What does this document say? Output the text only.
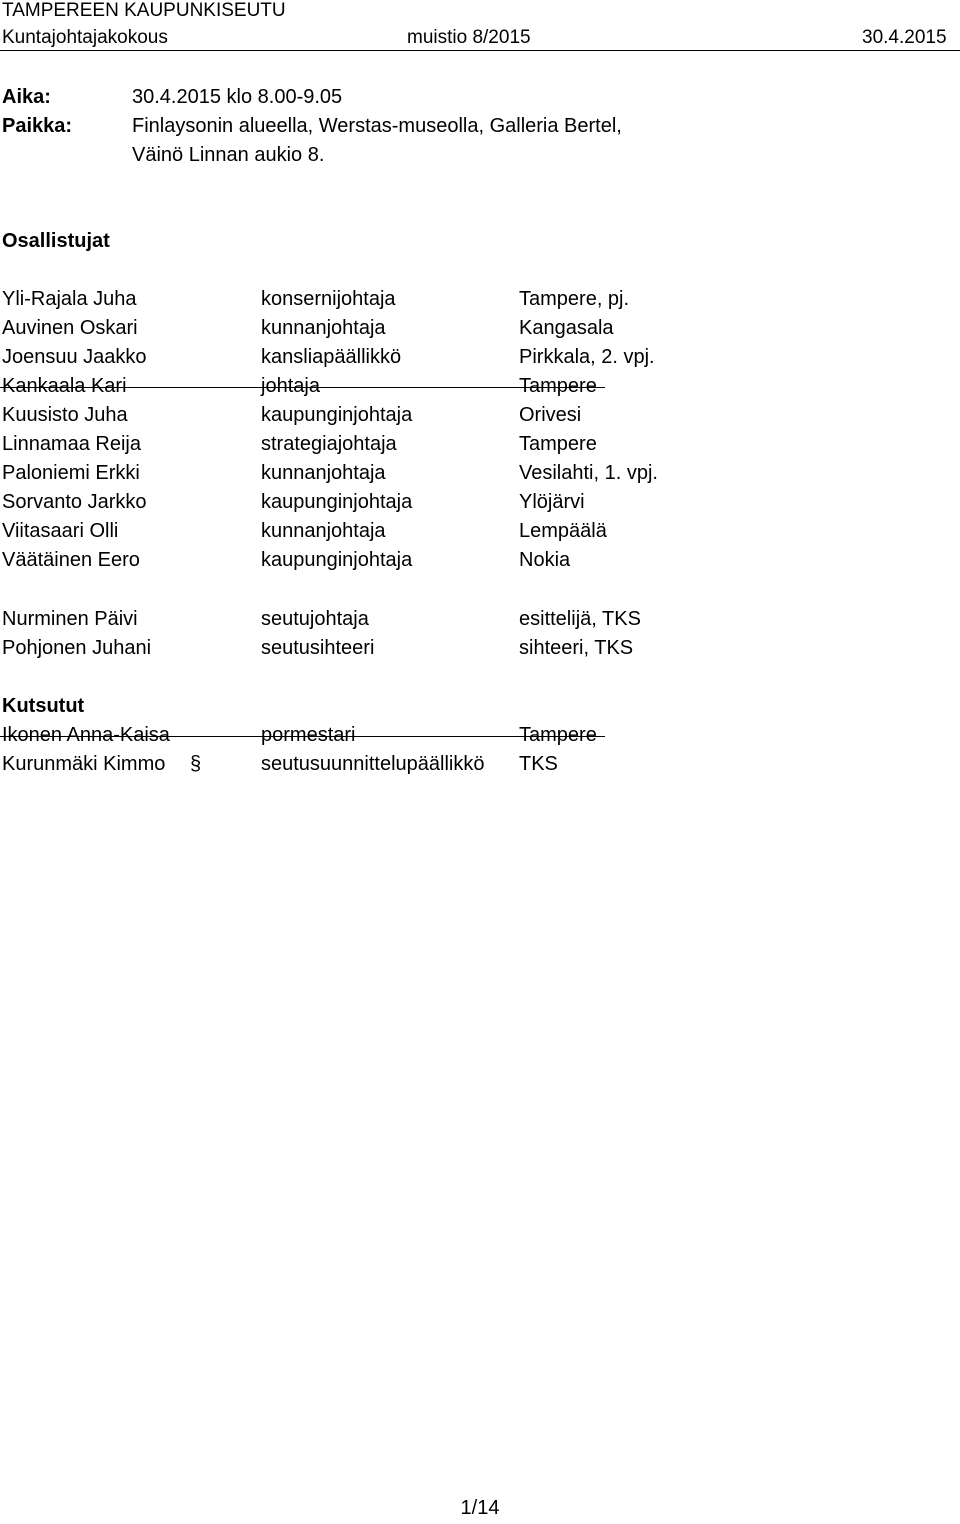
TAMPEREEN KAUPUNKISEUTU
Kuntajohtajakokous	muistio 8/2015	30.4.2015
Aika:	30.4.2015 klo 8.00-9.05
Paikka:	Finlaysonin alueella, Werstas-museolla, Galleria Bertel,
Väinö Linnan aukio 8.
Osallistujat
Yli-Rajala Juha	konsernijohtaja	Tampere, pj.
Auvinen Oskari	kunnanjohtaja	Kangasala
Joensuu Jaakko	kansliapäällikkö	Pirkkala, 2. vpj.
Kankaala Kari	johtaja	Tampere
Kuusisto Juha	kaupunginjohtaja	Orivesi
Linnamaa Reija	strategiajohtaja	Tampere
Paloniemi Erkki	kunnanjohtaja	Vesilahti, 1. vpj.
Sorvanto Jarkko	kaupunginjohtaja	Ylöjärvi
Viitasaari Olli	kunnanjohtaja	Lempäälä
Väätäinen Eero	kaupunginjohtaja	Nokia
Nurminen Päivi	seutujohtaja	esittelijä, TKS
Pohjonen Juhani	seutusihteeri	sihteeri, TKS
Kutsutut
Ikonen Anna-Kaisa	pormestari	Tampere
Kurunmäki Kimmo §	seutusuunnittelupäällikkö TKS
1/14
